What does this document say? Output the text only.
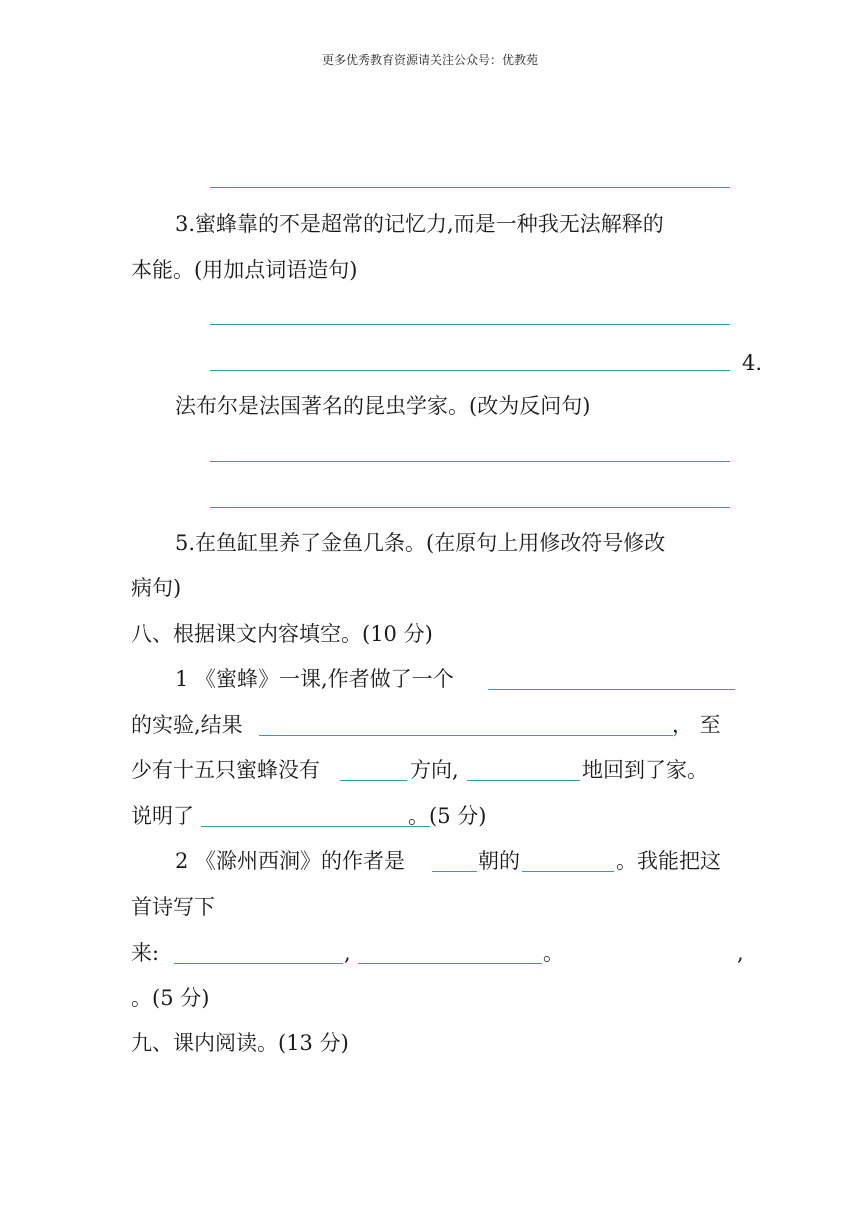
更多优秀教育资源请关注公众号：优教苑
3.蜜蜂靠的不是超常的记忆力,而是一种我无法解释的
本能。(用加点词语造句)
4.
法布尔是法国著名的昆虫学家。(改为反问句)
5.在鱼缸里养了金鱼几条。(在原句上用修改符号修改
病句)
八、根据课文内容填空。(10 分)
1 《蜜蜂》一课,作者做了一个
的实验,结果	， 至
少有十五只蜜蜂没有	方向,	地回到了家。
说明了	。(5 分)
2 《滁州西涧》的作者是	朝的	。我能把这
首诗写下
来:	,	。	,
。(5 分)
九、课内阅读。(13 分)
